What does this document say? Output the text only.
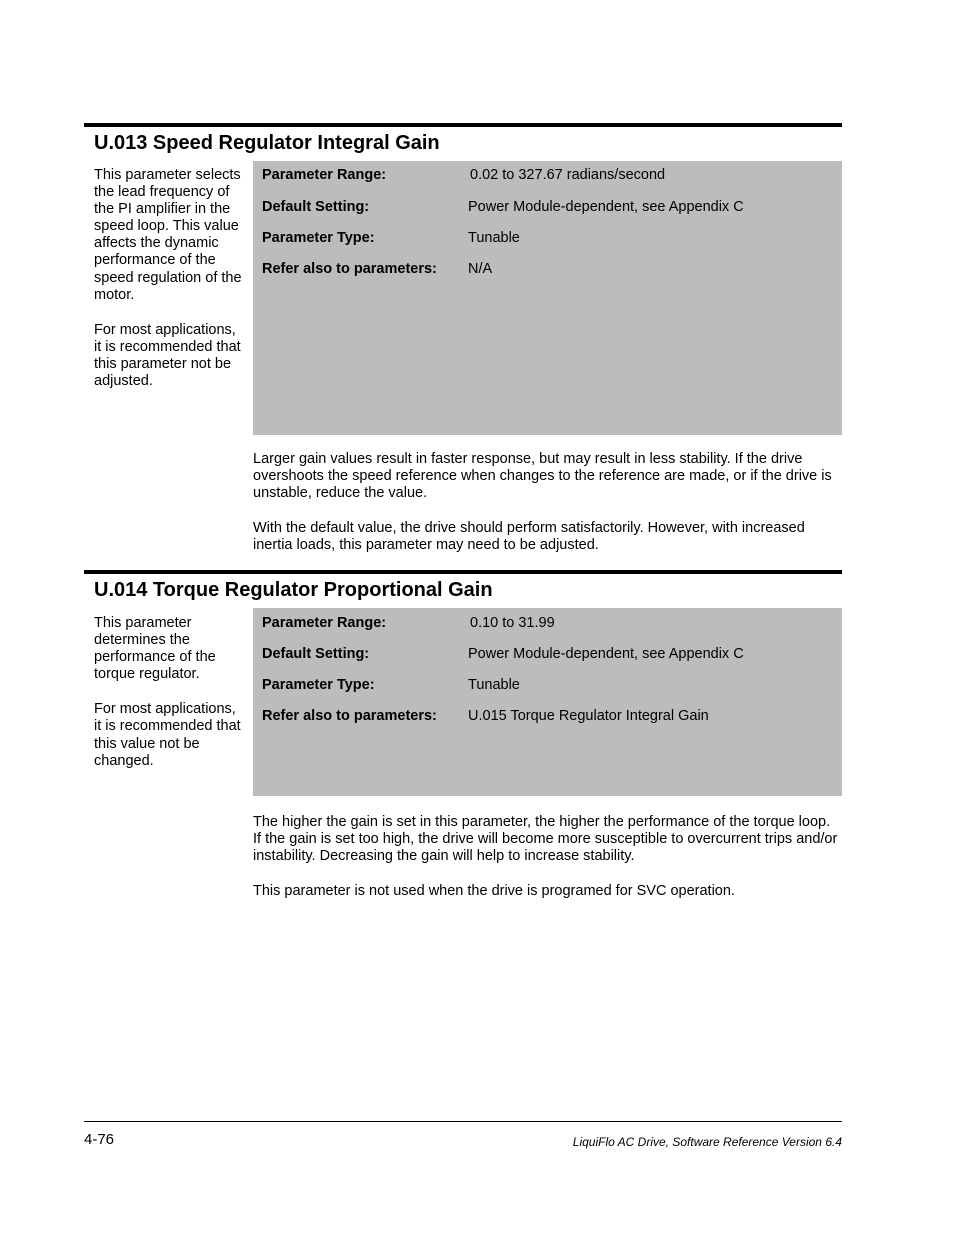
U.013 Speed Regulator Integral Gain

This parameter selects the lead frequency of the PI amplifier in the speed loop. This value affects the dynamic performance of the speed regulation of the motor.

For most applications, it is recommended that this parameter not be adjusted.

Parameter Range:	0.02 to 327.67 radians/second
Default Setting:	Power Module-dependent, see Appendix C
Parameter Type:	Tunable
Refer also to parameters: N/A

Larger gain values result in faster response, but may result in less stability. If the drive overshoots the speed reference when changes to the reference are made, or if the drive is unstable, reduce the value.

With the default value, the drive should perform satisfactorily. However, with increased inertia loads, this parameter may need to be adjusted.

U.014 Torque Regulator Proportional Gain

This parameter determines the performance of the torque regulator.

For most applications, it is recommended that this value not be changed.

Parameter Range:	0.10 to 31.99
Default Setting:	Power Module-dependent, see Appendix C
Parameter Type:	Tunable
Refer also to parameters: U.015 Torque Regulator Integral Gain

The higher the gain is set in this parameter, the higher the performance of the torque loop. If the gain is set too high, the drive will become more susceptible to overcurrent trips and/or instability. Decreasing the gain will help to increase stability.

This parameter is not used when the drive is programed for SVC operation.

4-76	LiquiFlo AC Drive, Software Reference Version 6.4
